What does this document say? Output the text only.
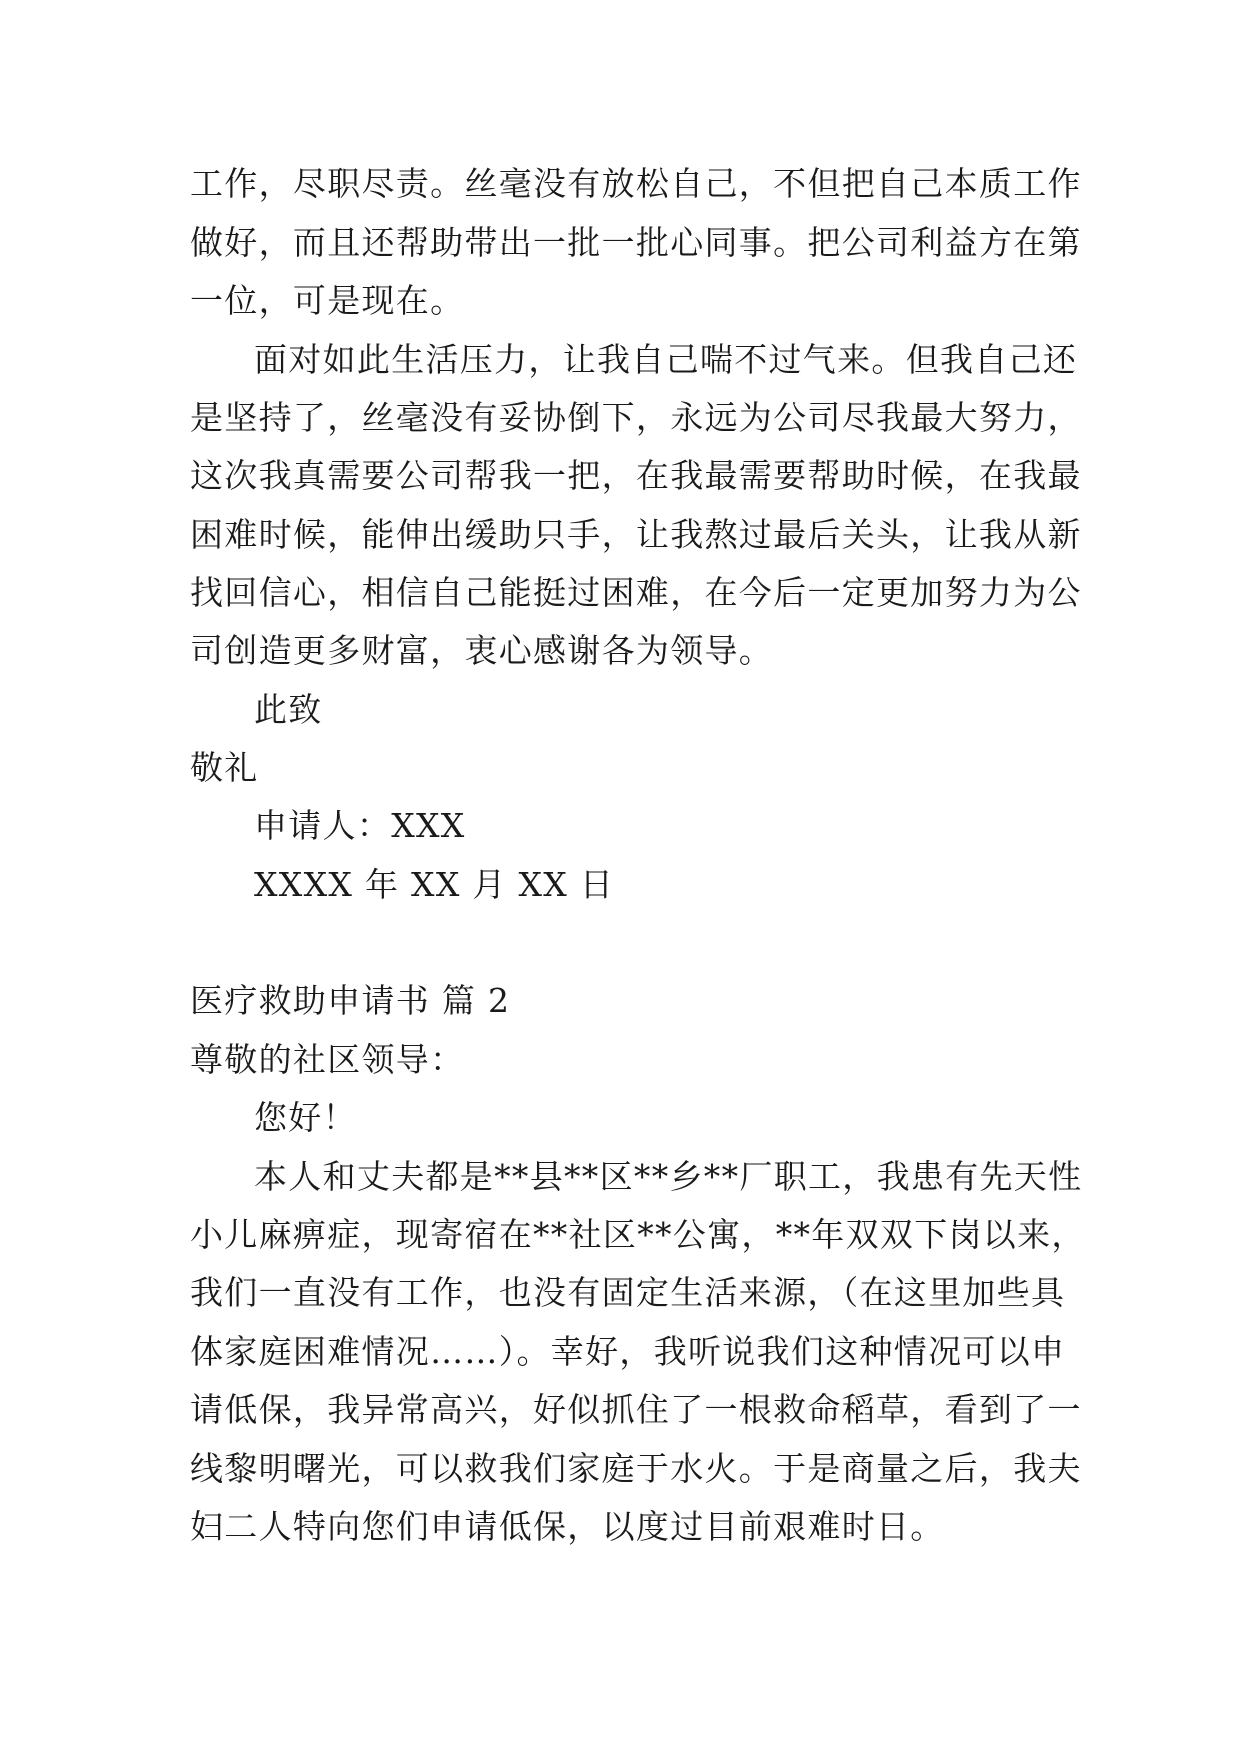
工作，尽职尽责。丝毫没有放松自己，不但把自己本质工作
做好，而且还帮助带出一批一批心同事。把公司利益方在第
一位，可是现在。
面对如此生活压力，让我自己喘不过气来。但我自己还
是坚持了，丝毫没有妥协倒下，永远为公司尽我最大努力，
这次我真需要公司帮我一把，在我最需要帮助时候，在我最
困难时候，能伸出缓助只手，让我熬过最后关头，让我从新
找回信心，相信自己能挺过困难，在今后一定更加努力为公
司创造更多财富，衷心感谢各为领导。
此致
敬礼
申请人：XXX
XXXX 年 XX 月 XX 日
医疗救助申请书 篇 2
尊敬的社区领导：
您好！
本人和丈夫都是**县**区**乡**厂职工，我患有先天性
小儿麻痹症，现寄宿在**社区**公寓，**年双双下岗以来，
我们一直没有工作，也没有固定生活来源，（在这里加些具
体家庭困难情况……）。幸好，我听说我们这种情况可以申
请低保，我异常高兴，好似抓住了一根救命稻草，看到了一
线黎明曙光，可以救我们家庭于水火。于是商量之后，我夫
妇二人特向您们申请低保，以度过目前艰难时日。
